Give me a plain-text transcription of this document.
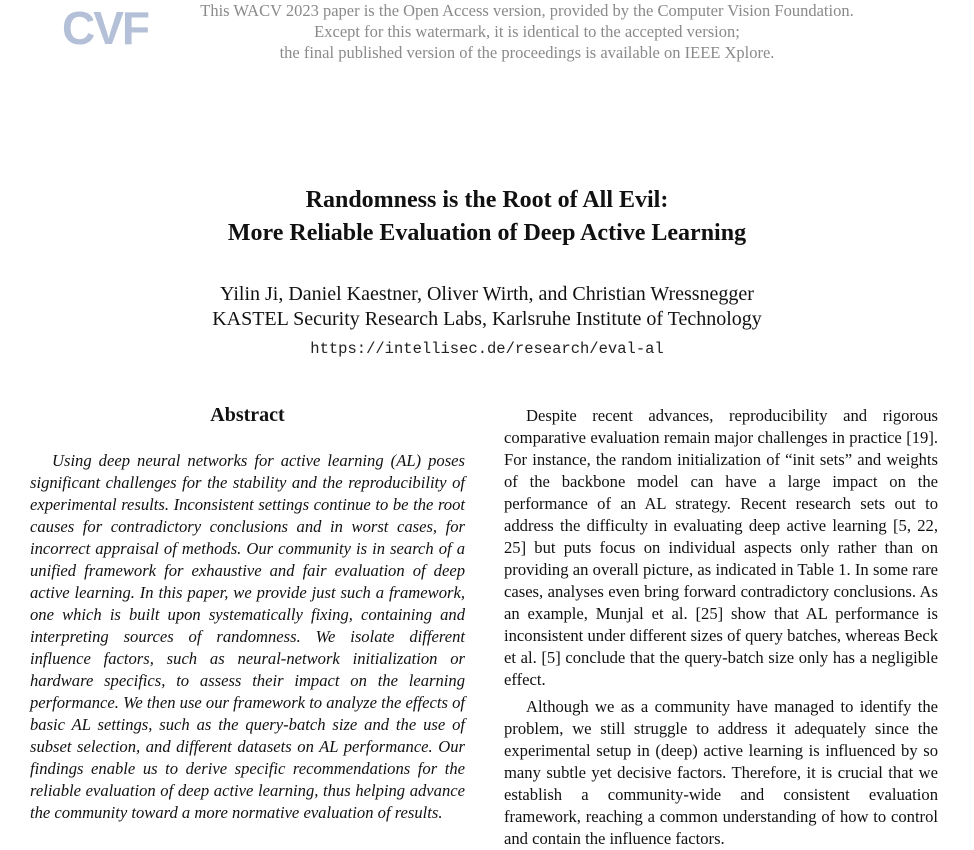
CVF	This WACV 2023 paper is the Open Access version, provided by the Computer Vision Foundation.
Except for this watermark, it is identical to the accepted version;
the final published version of the proceedings is available on IEEE Xplore.
Randomness is the Root of All Evil:
More Reliable Evaluation of Deep Active Learning
Yilin Ji, Daniel Kaestner, Oliver Wirth, and Christian Wressnegger
KASTEL Security Research Labs, Karlsruhe Institute of Technology
https://intellisec.de/research/eval-al
Abstract

Using deep neural networks for active learning (AL) poses significant challenges for the stability and the reproducibility of experimental results. Inconsistent settings continue to be the root causes for contradictory conclusions and in worst cases, for incorrect appraisal of methods. Our community is in search of a unified framework for exhaustive and fair evaluation of deep active learning. In this paper, we provide just such a framework, one which is built upon systematically fixing, containing and interpreting sources of randomness. We isolate different influence factors, such as neural-network initialization or hardware specifics, to assess their impact on the learning performance. We then use our framework to analyze the effects of basic AL settings, such as the query-batch size and the use of subset selection, and different datasets on AL performance. Our findings enable us to derive specific recommendations for the reliable evaluation of deep active learning, thus helping advance the community toward a more normative evaluation of results.

Despite recent advances, reproducibility and rigorous comparative evaluation remain major challenges in practice [19]. For instance, the random initialization of “init sets” and weights of the backbone model can have a large impact on the performance of an AL strategy. Recent research sets out to address the difficulty in evaluating deep active learning [5, 22, 25] but puts focus on individual aspects only rather than on providing an overall picture, as indicated in Table 1. In some rare cases, analyses even bring forward contradictory conclusions. As an example, Munjal et al. [25] show that AL performance is inconsistent under different sizes of query batches, whereas Beck et al. [5] conclude that the query-batch size only has a negligible effect.

Although we as a community have managed to identify the problem, we still struggle to address it adequately since the experimental setup in (deep) active learning is influenced by so many subtle yet decisive factors. Therefore, it is crucial that we establish a community-wide and consistent evaluation framework, reaching a common understanding of how to control and contain the influence factors.
